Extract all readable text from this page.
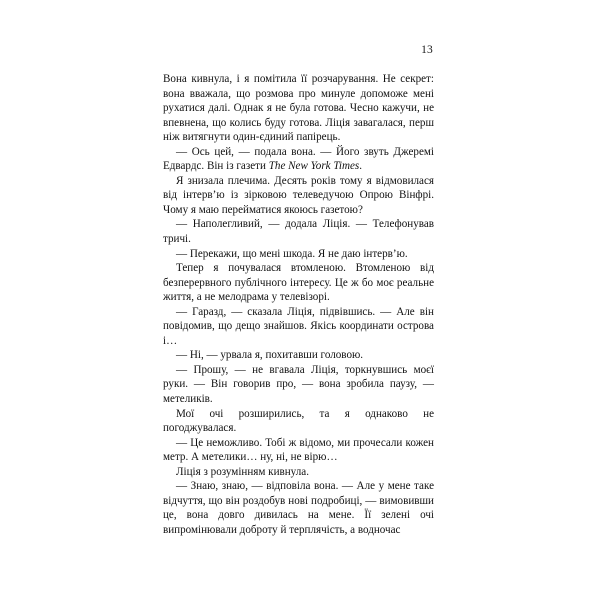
13

Вона кивнула, і я помітила її розчарування. Не секрет: вона вважала, що розмова про минуле допоможе мені рухатися далі. Однак я не була готова. Чесно кажучи, не впевнена, що колись буду готова. Ліція завагалася, перш ніж витягнути один-єдиний папірець.

— Ось цей, — подала вона. — Його звуть Джеремі Едвардс. Він із газети The New York Times.

Я знизала плечима. Десять років тому я відмовилася від інтерв’ю із зірковою телеведучою Опрою Вінфрі. Чому я маю перейматися якоюсь газетою?

— Наполегливий, — додала Ліція. — Телефонував тричі.

— Перекажи, що мені шкода. Я не даю інтерв’ю.

Тепер я почувалася втомленою. Втомленою від безперервного публічного інтересу. Це ж бо моє реальне життя, а не мелодрама у телевізорі.

— Гаразд, — сказала Ліція, підвівшись. — Але він повідомив, що дещо знайшов. Якісь координати острова і…

— Ні, — урвала я, похитавши головою.

— Прошу, — не вгавала Ліція, торкнувшись моєї руки. — Він говорив про, — вона зробила паузу, — метеликів.

Мої очі розширились, та я однаково не погоджувалася.

— Це неможливо. Тобі ж відомо, ми прочесали кожен метр. А метелики… ну, ні, не вірю…

Ліція з розумінням кивнула.

— Знаю, знаю, — відповіла вона. — Але у мене таке відчуття, що він роздобув нові подробиці, — вимовивши це, вона довго дивилась на мене. Її зелені очі випромінювали доброту й терплячість, а водночас
